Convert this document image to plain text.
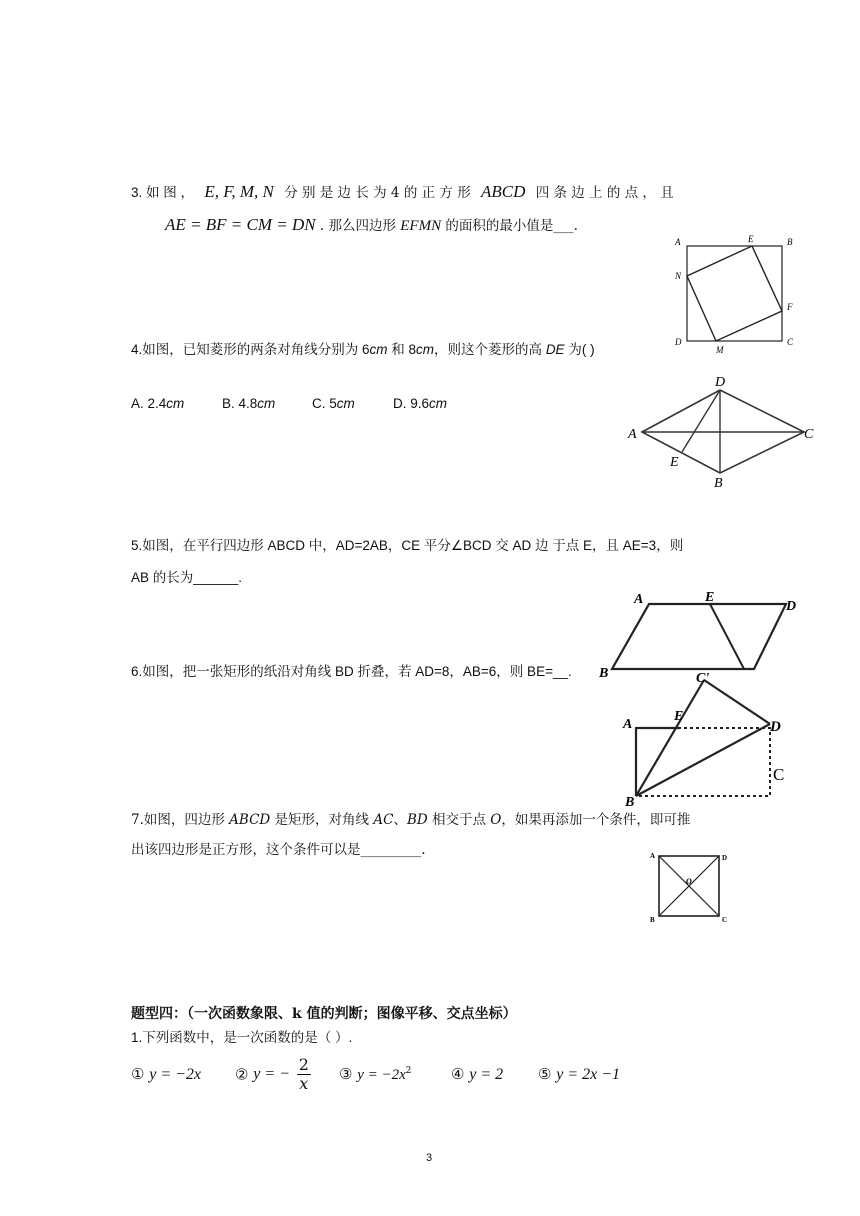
3. 如 图 ， E, F, M, N 分 别 是 边 长 为 4 的 正 方 形 ABCD 四 条 边 上 的 点 ， 且
AE = BF = CM = DN . 那么四边形 EFMN 的面积的最小值是___.
A	E	B
N
F
D
M
C
4.如图，已知菱形的两条对角线分别为 6cm 和 8cm，则这个菱形的高 DE 为( )
A. 2.4cm	B. 4.8cm	C. 5cm	D. 9.6cm
D
A	C
E
B
5.如图，在平行四边形 ABCD 中，AD=2AB，CE 平分∠BCD 交 AD 边 于点 E，且 AE=3，则
AB 的长为______.
A	E
D
B
6.如图，把一张矩形的纸沿对角线 BD 折叠，若 AD=8，AB=6，则 BE=__.	C'
A
E
D
B
C
7.如图，四边形 ABCD 是矩形，对角线 AC、BD 相交于点 O，如果再添加一个条件，即可推
出该四边形是正方形，这个条件可以是_________.	A	D
O
B	C
题型四：（一次函数象限、k 值的判断；图像平移、交点坐标）
1.下列函数中，是一次函数的是（ ）.
① y = −2x ② y = − $\frac{2}{x}$ ③ $y = -2x^2$	④ y = 2 ⑤ y = 2x −1
3
